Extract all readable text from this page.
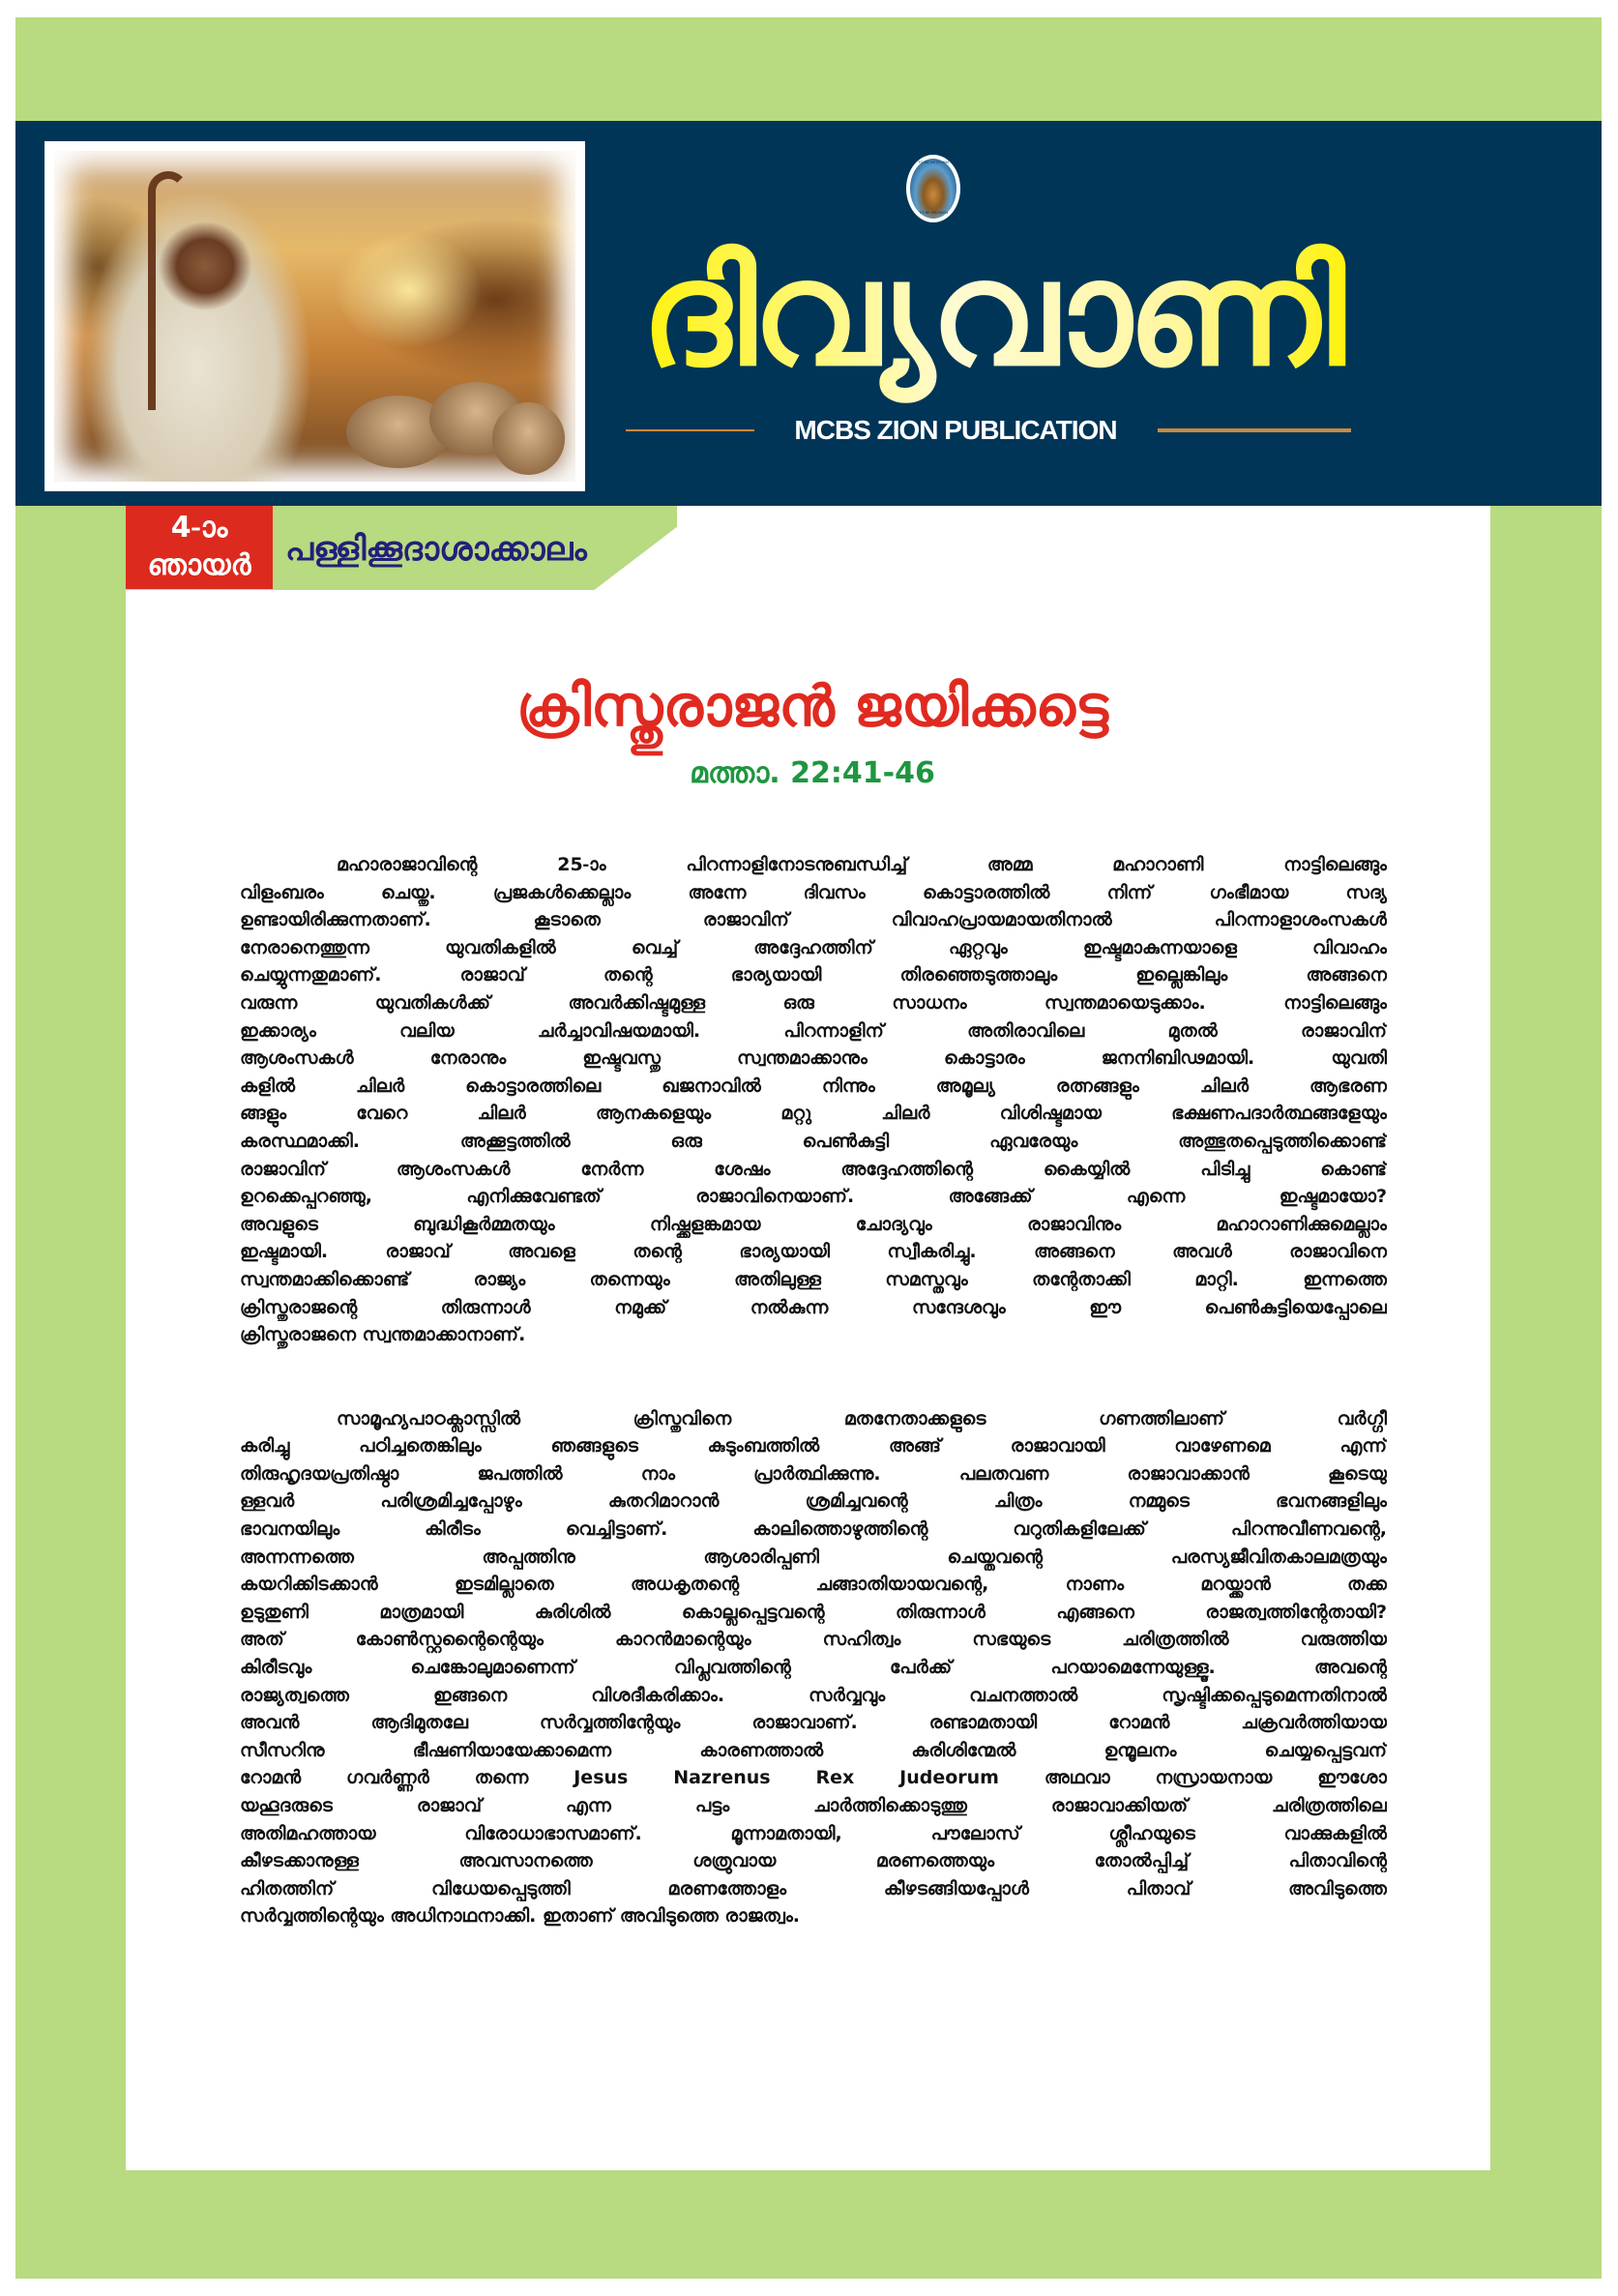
TO BE WITH HIM
TO BE BROKEN
ദിവ്യവാണി
MCBS ZION PUBLICATION
4-ാം
ഞായർ	പള്ളിക്കൂദാശാക്കാലം
ക്രിസ്തുരാജൻ ജയിക്കട്ടെ
മത്താ. 22:41-46

മഹാരാജാവിന്റെ 25-ാം പിറന്നാളിനോടനുബന്ധിച്ച് അമ്മ മഹാറാണി നാട്ടിലെങ്ങും
വിളംബരം ചെയ്തു. പ്രജകൾക്കെല്ലാം അന്നേ ദിവസം കൊട്ടാരത്തിൽ നിന്ന് ഗംഭീമായ സദ്യ
ഉണ്ടായിരിക്കുന്നതാണ്. കൂടാതെ രാജാവിന് വിവാഹപ്രായമായതിനാൽ പിറന്നാളാശംസകൾ
നേരാനെത്തുന്ന യുവതികളിൽ വെച്ച് അദ്ദേഹത്തിന് ഏറ്റവും ഇഷ്ടമാകുന്നയാളെ വിവാഹം
ചെയ്യുന്നതുമാണ്. രാജാവ് തന്റെ ഭാര്യയായി തിരഞ്ഞെടുത്താലും ഇല്ലെങ്കിലും അങ്ങനെ
വരുന്ന യുവതികൾക്ക് അവർക്കിഷ്ടമുള്ള ഒരു സാധനം സ്വന്തമായെടുക്കാം. നാട്ടിലെങ്ങും
ഇക്കാര്യം വലിയ ചർച്ചാവിഷയമായി. പിറന്നാളിന് അതിരാവിലെ മുതൽ രാജാവിന്
ആശംസകൾ നേരാനും ഇഷ്ടവസ്തു സ്വന്തമാക്കാനും കൊട്ടാരം ജനനിബിഢമായി. യുവതി
കളിൽ ചിലർ കൊട്ടാരത്തിലെ ഖജനാവിൽ നിന്നും അമൂല്യ രത്നങ്ങളും ചിലർ ആഭരണ
ങ്ങളും വേറെ ചിലർ ആനകളെയും മറ്റു ചിലർ വിശിഷ്ടമായ ഭക്ഷണപദാർത്ഥങ്ങളേയും
കരസ്ഥമാക്കി. അക്കൂട്ടത്തിൽ ഒരു പെൺകുട്ടി ഏവരേയും അത്ഭുതപ്പെടുത്തിക്കൊണ്ട്
രാജാവിന് ആശംസകൾ നേർന്ന ശേഷം അദ്ദേഹത്തിന്റെ കൈയ്യിൽ പിടിച്ചു കൊണ്ട്
ഉറക്കെപ്പറഞ്ഞു, എനിക്കുവേണ്ടത് രാജാവിനെയാണ്. അങ്ങേക്ക് എന്നെ ഇഷ്ടമായോ?
അവളുടെ ബുദ്ധികൂർമ്മതയും നിഷ്ക്കളങ്കമായ ചോദ്യവും രാജാവിനും മഹാറാണിക്കുമെല്ലാം
ഇഷ്ടമായി. രാജാവ് അവളെ തന്റെ ഭാര്യയായി സ്വീകരിച്ചു. അങ്ങനെ അവൾ രാജാവിനെ
സ്വന്തമാക്കിക്കൊണ്ട് രാജ്യം തന്നെയും അതിലുള്ള സമസ്തവും തന്റേതാക്കി മാറ്റി. ഇന്നത്തെ
ക്രിസ്തുരാജന്റെ തിരുന്നാൾ നമുക്ക് നൽകുന്ന സന്ദേശവും ഈ പെൺകുട്ടിയെപ്പോലെ
ക്രിസ്തുരാജനെ സ്വന്തമാക്കാനാണ്.

സാമൂഹ്യപാഠക്ലാസ്സിൽ ക്രിസ്തുവിനെ മതനേതാക്കളുടെ ഗണത്തിലാണ് വർഗ്ഗീ
കരിച്ചു പഠിച്ചതെങ്കിലും ഞങ്ങളുടെ കുടുംബത്തിൽ അങ്ങ് രാജാവായി വാഴേണമെ എന്ന്
തിരുഹൃദയപ്രതിഷ്ഠാ ജപത്തിൽ നാം പ്രാർത്ഥിക്കുന്നു. പലതവണ രാജാവാക്കാൻ കൂടെയു
ള്ളവർ പരിശ്രമിച്ചപ്പോഴും കുതറിമാറാൻ ശ്രമിച്ചവന്റെ ചിത്രം നമ്മുടെ ഭവനങ്ങളിലും
ഭാവനയിലും കിരീടം വെച്ചിട്ടാണ്. കാലിത്തൊഴുത്തിന്റെ വറുതികളിലേക്ക് പിറന്നുവീണവന്റെ,
അന്നന്നത്തെ അപ്പത്തിനു ആശാരിപ്പണി ചെയ്തവന്റെ പരസ്യജീവിതകാലമത്രയും
കയറിക്കിടക്കാൻ ഇടമില്ലാതെ അധകൃതന്റെ ചങ്ങാതിയായവന്റെ, നാണം മറയ്ക്കാൻ തക്ക
ഉടുതുണി മാത്രമായി കുരിശിൽ കൊല്ലപ്പെട്ടവന്റെ തിരുന്നാൾ എങ്ങനെ രാജത്വത്തിന്റേതായി?
അത് കോൺസ്റ്റന്റൈന്റെയും കാറൻമാന്റെയും സഹിത്വം സഭയുടെ ചരിത്രത്തിൽ വരുത്തിയ
കിരീടവും ചെങ്കോലുമാണെന്ന് വിപ്ലവത്തിന്റെ പേർക്ക് പറയാമെന്നേയുള്ളൂ. അവന്റെ
രാജ്യത്വത്തെ ഇങ്ങനെ വിശദീകരിക്കാം. സർവ്വവും വചനത്താൽ സൃഷ്ടിക്കപ്പെടുമെന്നതിനാൽ
അവൻ ആദിമുതലേ സർവ്വത്തിന്റേയും രാജാവാണ്. രണ്ടാമതായി റോമൻ ചക്രവർത്തിയായ
സീസറിനു ഭീഷണിയായേക്കാമെന്ന കാരണത്താൽ കുരിശിന്മേൽ ഉന്മൂലനം ചെയ്യപ്പെട്ടവന്
റോമൻ ഗവർണ്ണർ തന്നെ Jesus Nazrenus Rex Judeorum അഥവാ നസ്രായനായ ഈശോ
യഹൂദരുടെ രാജാവ് എന്ന പട്ടം ചാർത്തിക്കൊടുത്തു രാജാവാക്കിയത് ചരിത്രത്തിലെ
അതിമഹത്തായ വിരോധാഭാസമാണ്. മൂന്നാമതായി, പൗലോസ് ശ്ലീഹയുടെ വാക്കുകളിൽ
കീഴടക്കാനുള്ള അവസാനത്തെ ശത്രുവായ മരണത്തെയും തോൽപ്പിച്ച് പിതാവിന്റെ
ഹിതത്തിന് വിധേയപ്പെടുത്തി മരണത്തോളം കീഴടങ്ങിയപ്പോൾ പിതാവ് അവിടുത്തെ
സർവ്വത്തിന്റെയും അധിനാഥനാക്കി. ഇതാണ് അവിടുത്തെ രാജത്വം.
